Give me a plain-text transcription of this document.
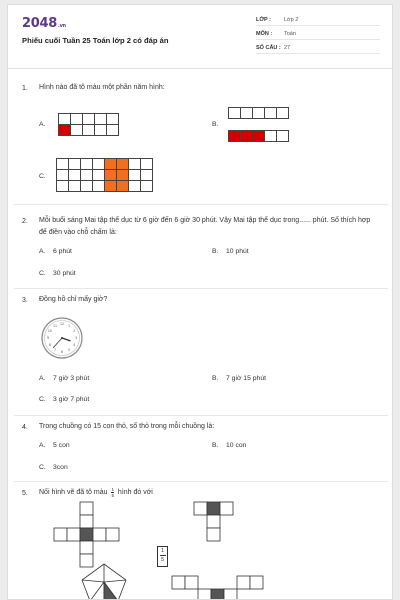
2048.vn
Phiếu cuối Tuần 25 Toán lớp 2 có đáp án
LỚP : Lớp 2
MÔN : Toán
SỐ CÂU : 27
1. Hình nào đã tô màu một phần năm hình:
A.	B.
C.
2. Mỗi buổi sáng Mai tập thể dục từ 6 giờ đến 6 giờ 30 phút. Vậy Mai tập thể dục trong...... phút. Số thích hợp để điền vào chỗ chấm là:
A. 6 phút	B. 10 phút
C. 30 phút
3. Đồng hồ chỉ mấy giờ?
1
2
3
4
5
6
7
8
9
10
11 12
A. 7 giờ 3 phút	B. 7 giờ 15 phút
C. 3 giờ 7 phút
4. Trong chuồng có 15 con thỏ, số thỏ trong mỗi chuồng là:
A. 5 con	B. 10 con
C. 3con
5. Nối hình vẽ đã tô màu $\frac{1}{5}$ hình đó với
1
5
